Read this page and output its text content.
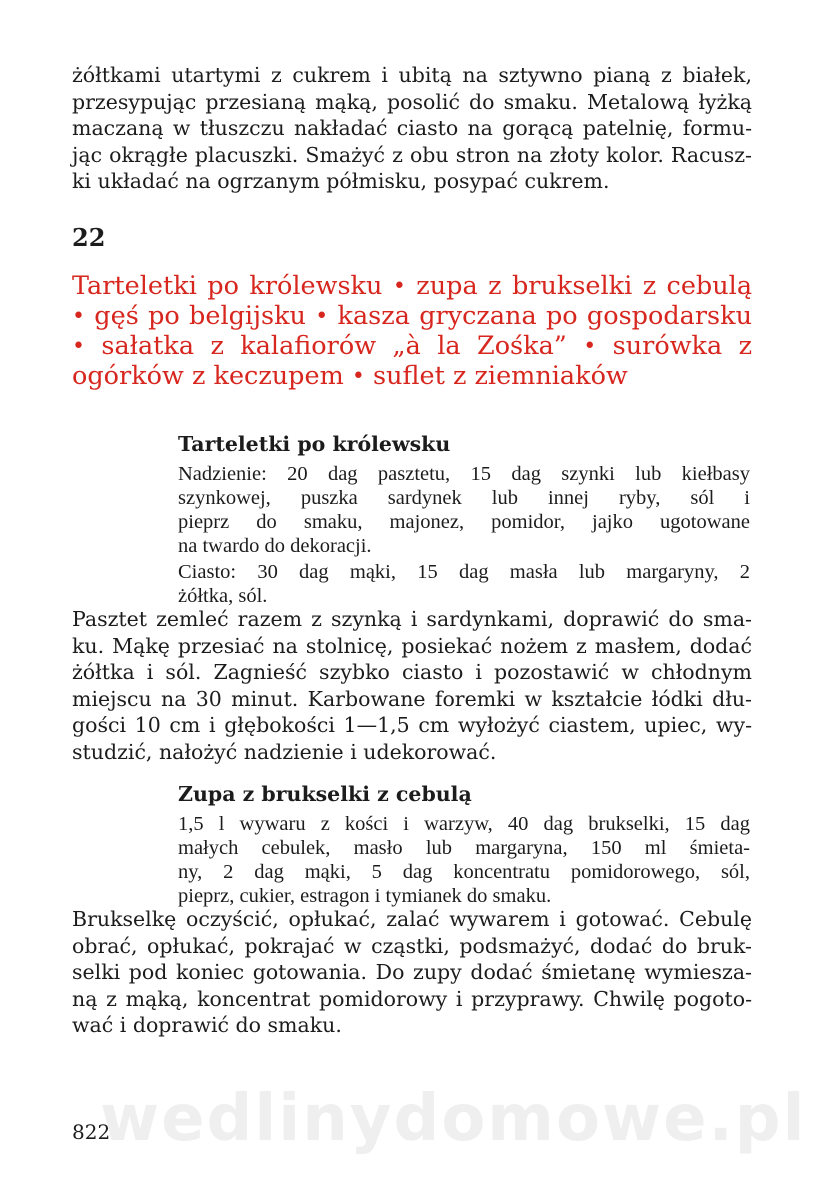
żółtkami utartymi z cukrem i ubitą na sztywno pianą z białek,
przesypując przesianą mąką, posolić do smaku. Metalową łyżką
maczaną w tłuszczu nakładać ciasto na gorącą patelnię, formu-
jąc okrągłe placuszki. Smażyć z obu stron na złoty kolor. Racusz-
ki układać na ogrzanym półmisku, posypać cukrem.
22
Tarteletki po królewsku • zupa z brukselki z cebulą
• gęś po belgijsku • kasza gryczana po gospodarsku
• sałatka z kalafiorów „à la Zośka” • surówka z
ogórków z keczupem • suflet z ziemniaków
Tarteletki po królewsku
Nadzienie: 20 dag pasztetu, 15 dag szynki lub kiełbasy
szynkowej, puszka sardynek lub innej ryby, sól i
pieprz do smaku, majonez, pomidor, jajko ugotowane
na twardo do dekoracji.
Ciasto: 30 dag mąki, 15 dag masła lub margaryny, 2
żółtka, sól.
Pasztet zemleć razem z szynką i sardynkami, doprawić do sma-
ku. Mąkę przesiać na stolnicę, posiekać nożem z masłem, dodać
żółtka i sól. Zagnieść szybko ciasto i pozostawić w chłodnym
miejscu na 30 minut. Karbowane foremki w kształcie łódki dłu-
gości 10 cm i głębokości 1—1,5 cm wyłożyć ciastem, upiec, wy-
studzić, nałożyć nadzienie i udekorować.
Zupa z brukselki z cebulą
1,5 l wywaru z kości i warzyw, 40 dag brukselki, 15 dag
małych cebulek, masło lub margaryna, 150 ml śmieta-
ny, 2 dag mąki, 5 dag koncentratu pomidorowego, sól,
pieprz, cukier, estragon i tymianek do smaku.
Brukselkę oczyścić, opłukać, zalać wywarem i gotować. Cebulę
obrać, opłukać, pokrajać w cząstki, podsmażyć, dodać do bruk-
selki pod koniec gotowania. Do zupy dodać śmietanę wymiesza-
ną z mąką, koncentrat pomidorowy i przyprawy. Chwilę pogoto-
wać i doprawić do smaku.
wedlinydomowe.pl
822
